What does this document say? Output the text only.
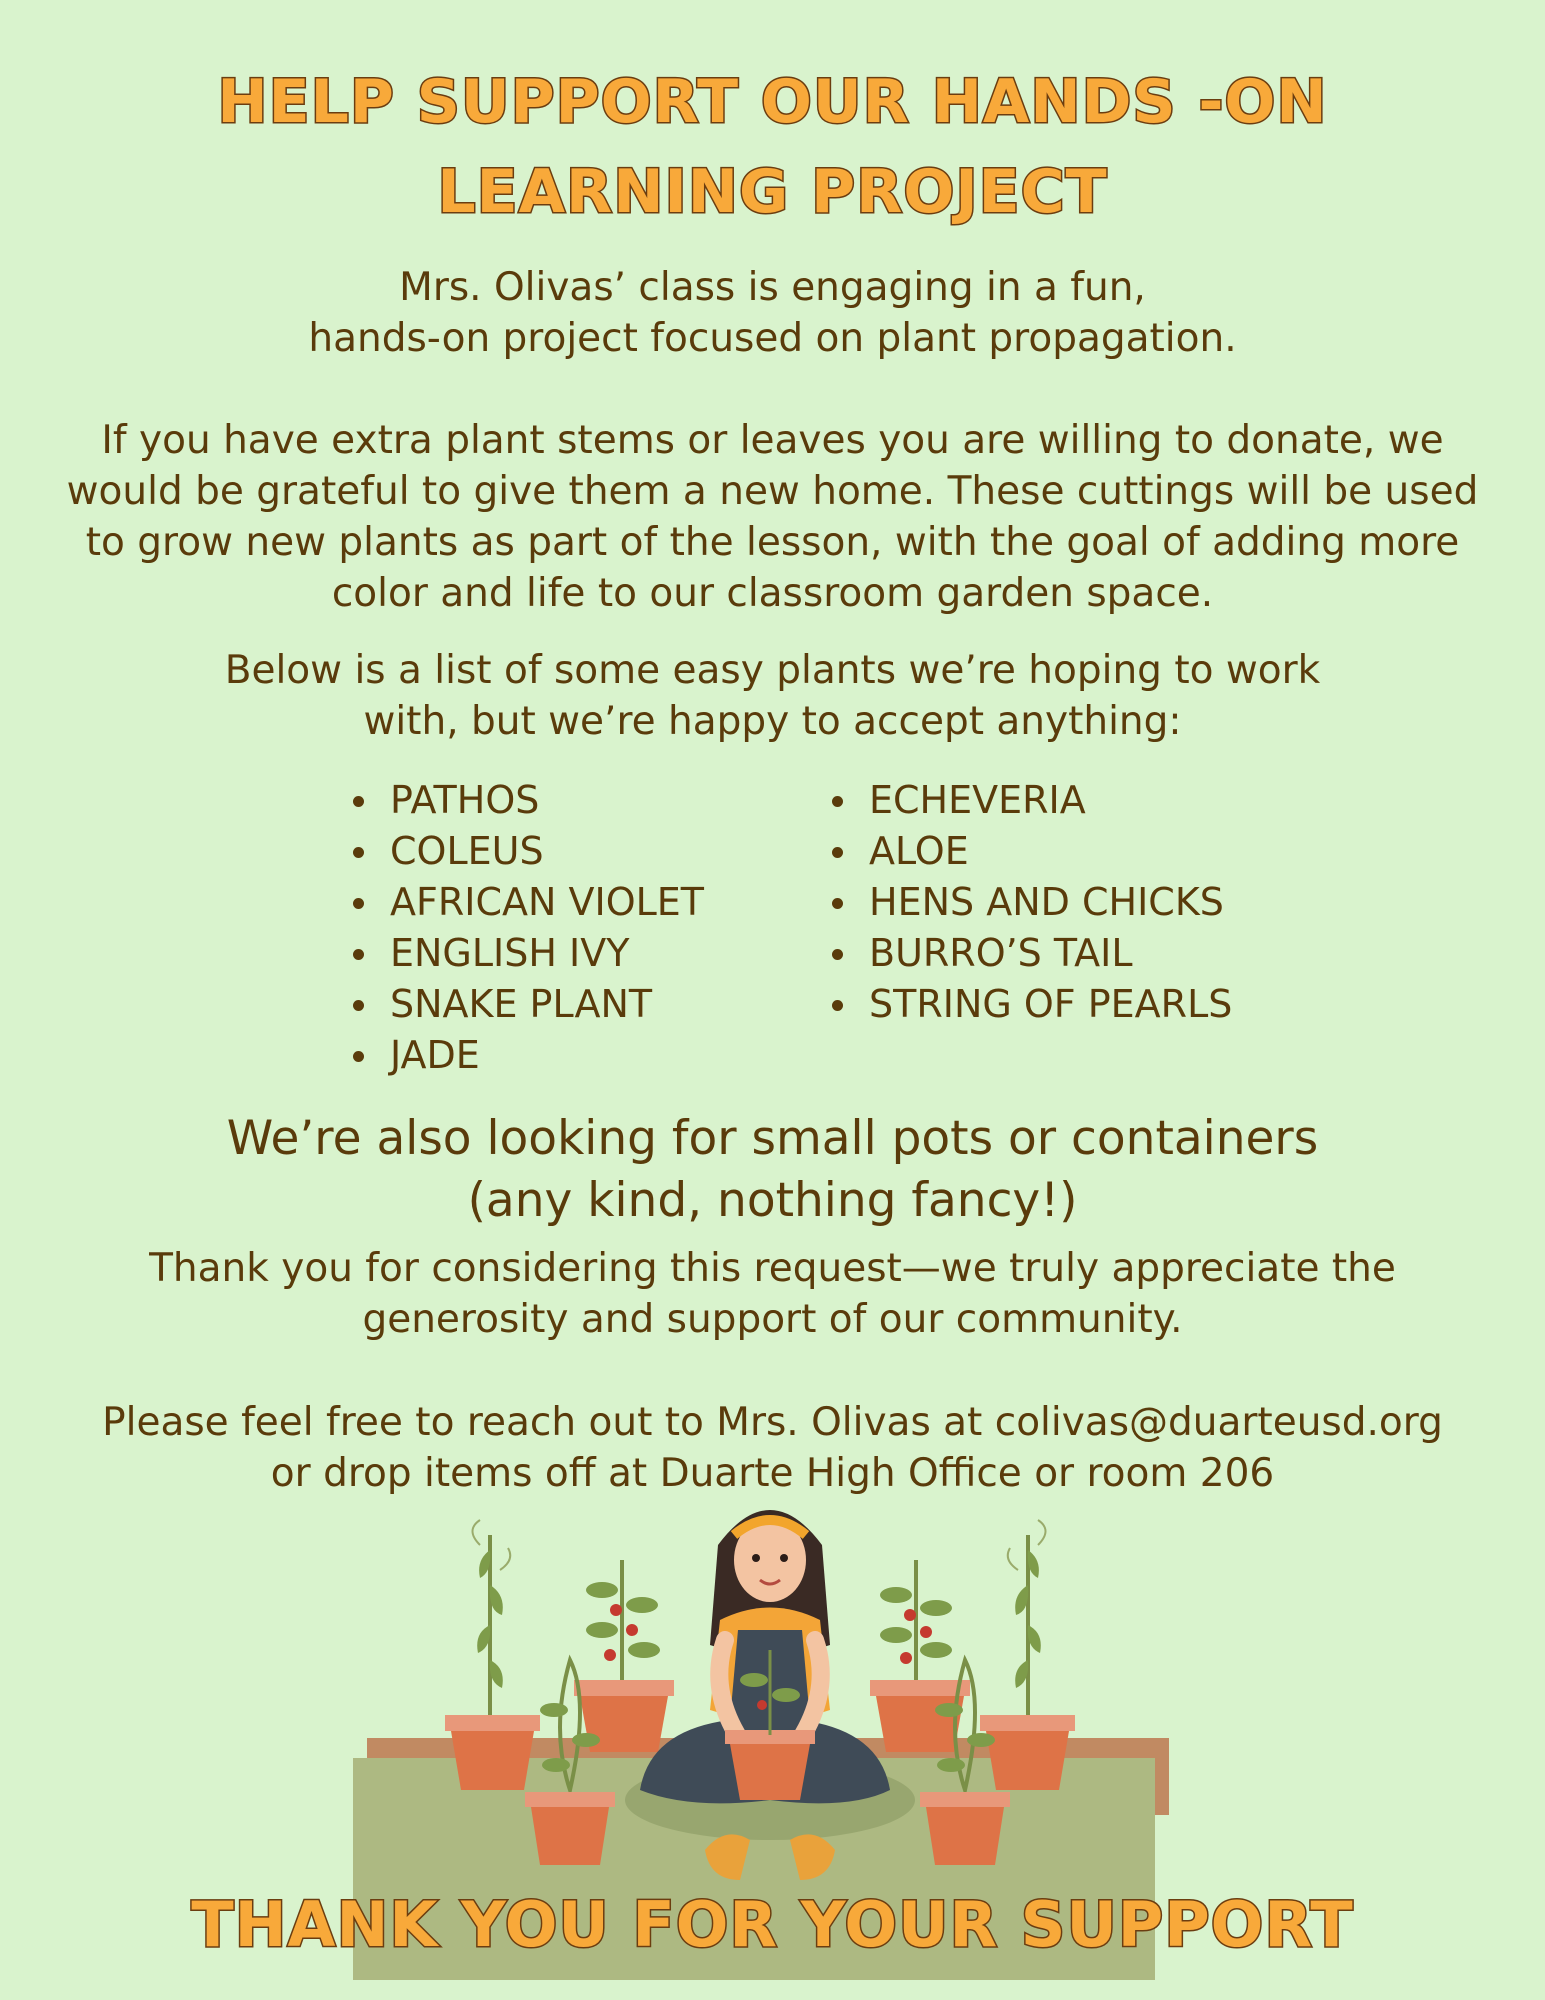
HELP SUPPORT OUR HANDS -ON
LEARNING PROJECT

Mrs. Olivas’ class is engaging in a fun,
hands-on project focused on plant propagation.

If you have extra plant stems or leaves you are willing to donate, we
would be grateful to give them a new home. These cuttings will be used
to grow new plants as part of the lesson, with the goal of adding more
color and life to our classroom garden space.

Below is a list of some easy plants we’re hoping to work
with, but we’re happy to accept anything:

PATHOS
COLEUS
AFRICAN VIOLET
ENGLISH IVY
SNAKE PLANT
JADE
ECHEVERIA
ALOE
HENS AND CHICKS
BURRO’S TAIL
STRING OF PEARLS

We’re also looking for small pots or containers
(any kind, nothing fancy!)

Thank you for considering this request—we truly appreciate the
generosity and support of our community.

Please feel free to reach out to Mrs. Olivas at colivas@duarteusd.org
or drop items off at Duarte High Office or room 206

THANK YOU FOR YOUR SUPPORT
